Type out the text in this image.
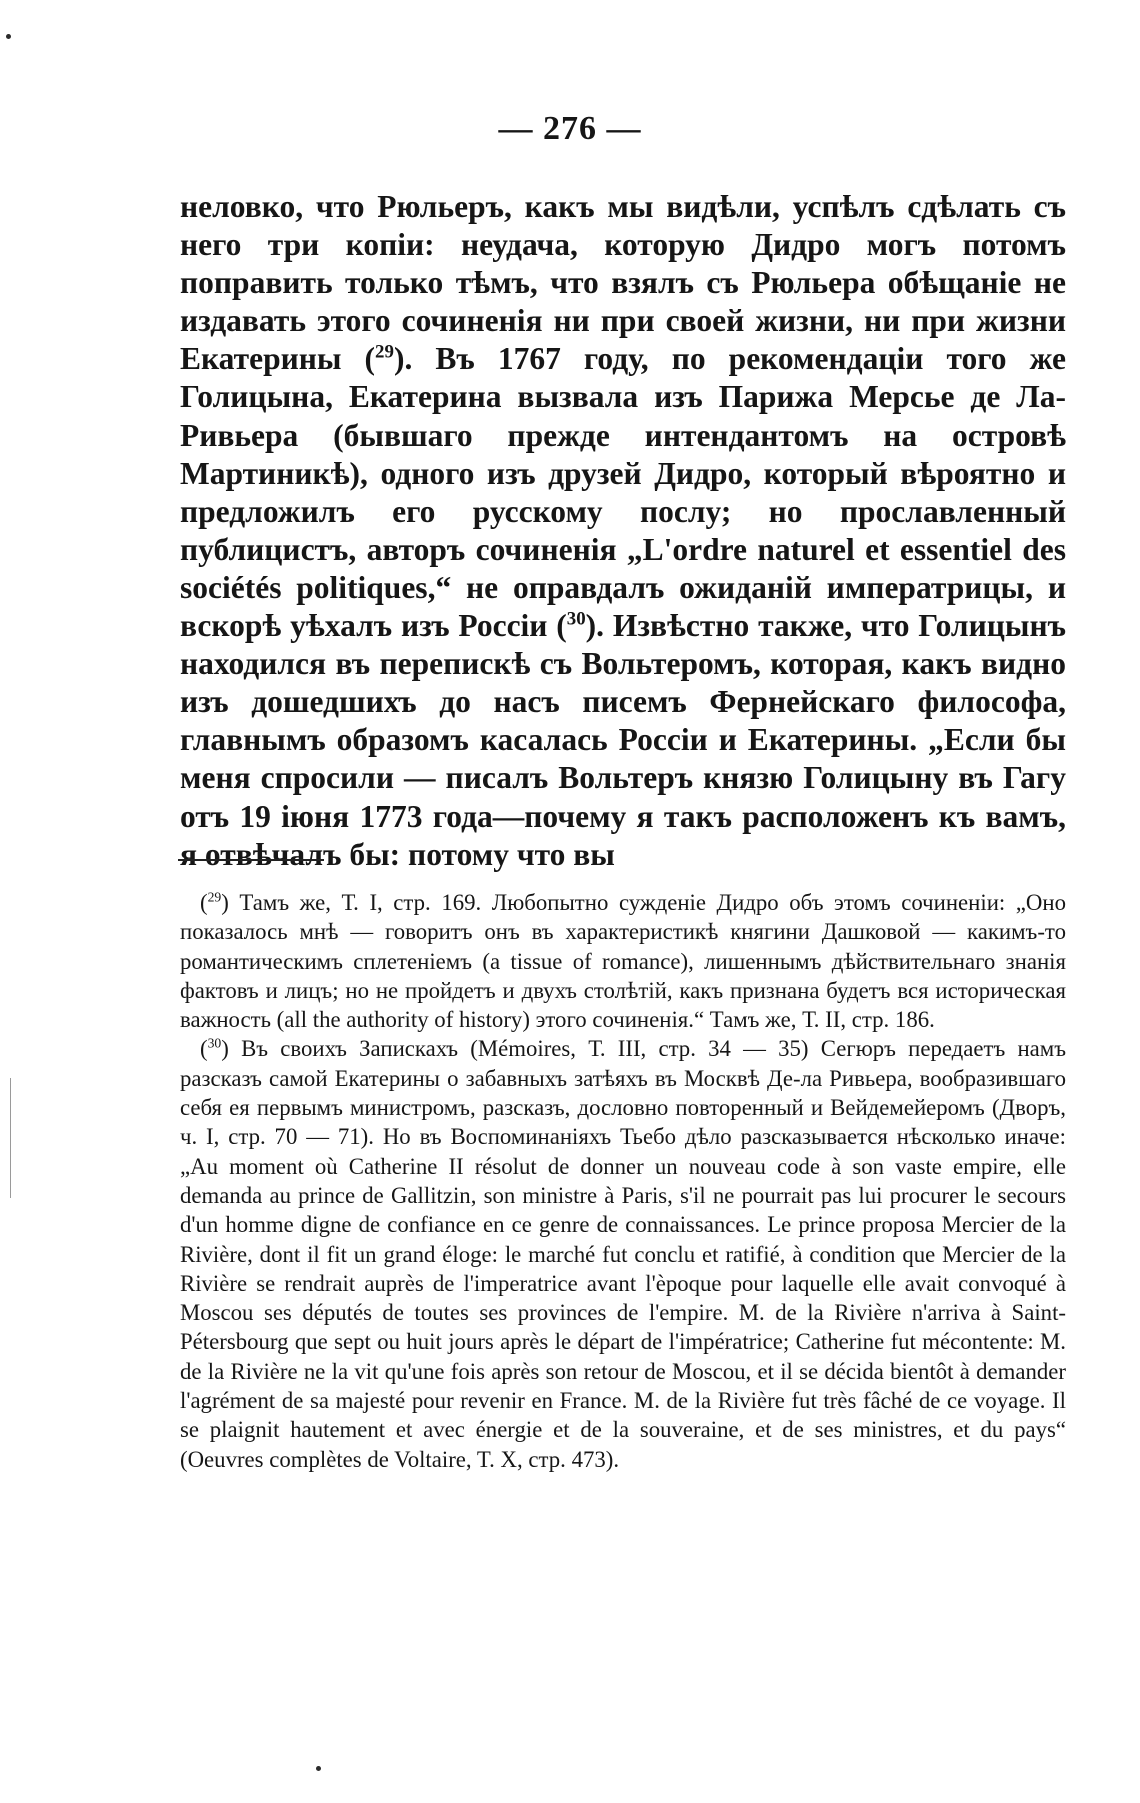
— 276 —

неловко, что Рюльеръ, какъ мы видѣли, успѣлъ сдѣлать съ него три копіи: неудача, которую Дидро могъ потомъ поправить только тѣмъ, что взялъ съ Рюльера обѣщаніе не издавать этого сочиненія ни при своей жизни, ни при жизни Екатерины ($^{29}$). Въ 1767 году, по рекомендаціи того же Голицына, Екатерина вызвала изъ Парижа Мерсье де Ла-Ривьера (бывшаго прежде интендантомъ на островѣ Мартиникѣ), одного изъ друзей Дидро, который вѣроятно и предложилъ его русскому послу; но прославленный публицистъ, авторъ сочиненія „L'ordre naturel et essentiel des sociétés politiques,“ не оправдалъ ожиданій императрицы, и вскорѣ уѣхалъ изъ Россіи ($^{30}$). Извѣстно также, что Голицынъ находился въ перепискѣ съ Вольтеромъ, которая, какъ видно изъ дошедшихъ до насъ писемъ Фернейскаго философа, главнымъ образомъ касалась Россіи и Екатерины. „Если бы меня спросили — писалъ Вольтеръ князю Голицыну въ Гагу отъ 19 іюня 1773 года—почему я такъ расположенъ къ вамъ, я отвѣчалъ бы: потому что вы

($^{29}$) Тамъ же, Т. I, стр. 169. Любопытно сужденіе Дидро объ этомъ сочиненіи: „Оно показалось мнѣ — говоритъ онъ въ характеристикѣ княгини Дашковой — какимъ-то романтическимъ сплетеніемъ (a tissue of romance), лишеннымъ дѣйствительнаго знанія фактовъ и лицъ; но не пройдетъ и двухъ столѣтій, какъ признана будетъ вся историческая важность (all the authority of history) этого сочиненія.“ Тамъ же, Т. II, стр. 186.

($^{30}$) Въ своихъ Запискахъ (Mémoires, Т. III, стр. 34 — 35) Сегюръ передаетъ намъ разсказъ самой Екатерины о забавныхъ затѣяхъ въ Москвѣ Де-ла Ривьера, вообразившаго себя ея первымъ министромъ, разсказъ, дословно повторенный и Вейдемейеромъ (Дворъ, ч. I, стр. 70 — 71). Но въ Воспоминаніяхъ Тьебо дѣло разсказывается нѣсколько иначе: „Au moment où Catherine II résolut de donner un nouveau code à son vaste empire, elle demanda au prince de Gallitzin, son ministre à Paris, s'il ne pourrait pas lui procurer le secours d'un homme digne de confiance en ce genre de connaissances. Le prince proposa Mercier de la Rivière, dont il fit un grand éloge: le marché fut conclu et ratifié, à condition que Mercier de la Rivière se rendrait auprès de l'imperatrice avant l'èpoque pour laquelle elle avait convoqué à Moscou ses députés de toutes ses provinces de l'empire. M. de la Rivière n'arriva à Saint-Pétersbourg que sept ou huit jours après le départ de l'impératrice; Catherine fut mécontente: M. de la Rivière ne la vit qu'une fois après son retour de Moscou, et il se décida bientôt à demander l'agrément de sa majesté pour revenir en France. M. de la Rivière fut très fâché de ce voyage. Il se plaignit hautement et avec énergie et de la souveraine, et de ses ministres, et du pays“ (Oeuvres complètes de Voltaire, T. X, стр. 473).
